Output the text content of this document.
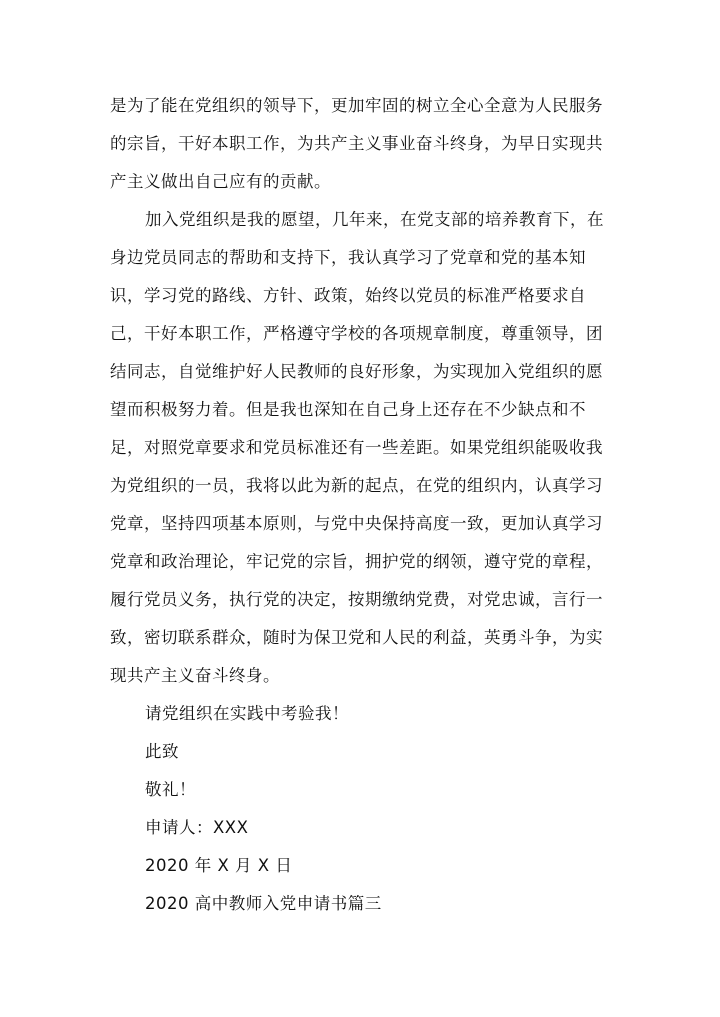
是为了能在党组织的领导下，更加牢固的树立全心全意为人民服务
的宗旨，干好本职工作，为共产主义事业奋斗终身，为早日实现共
产主义做出自己应有的贡献。
加入党组织是我的愿望，几年来，在党支部的培养教育下，在
身边党员同志的帮助和支持下，我认真学习了党章和党的基本知
识，学习党的路线、方针、政策，始终以党员的标准严格要求自
己，干好本职工作，严格遵守学校的各项规章制度，尊重领导，团
结同志，自觉维护好人民教师的良好形象，为实现加入党组织的愿
望而积极努力着。但是我也深知在自己身上还存在不少缺点和不
足，对照党章要求和党员标准还有一些差距。如果党组织能吸收我
为党组织的一员，我将以此为新的起点，在党的组织内，认真学习
党章，坚持四项基本原则，与党中央保持高度一致，更加认真学习
党章和政治理论，牢记党的宗旨，拥护党的纲领，遵守党的章程，
履行党员义务，执行党的决定，按期缴纳党费，对党忠诚，言行一
致，密切联系群众，随时为保卫党和人民的利益，英勇斗争，为实
现共产主义奋斗终身。
请党组织在实践中考验我！
此致
敬礼！
申请人：XXX
2020 年 X 月 X 日
2020 高中教师入党申请书篇三
